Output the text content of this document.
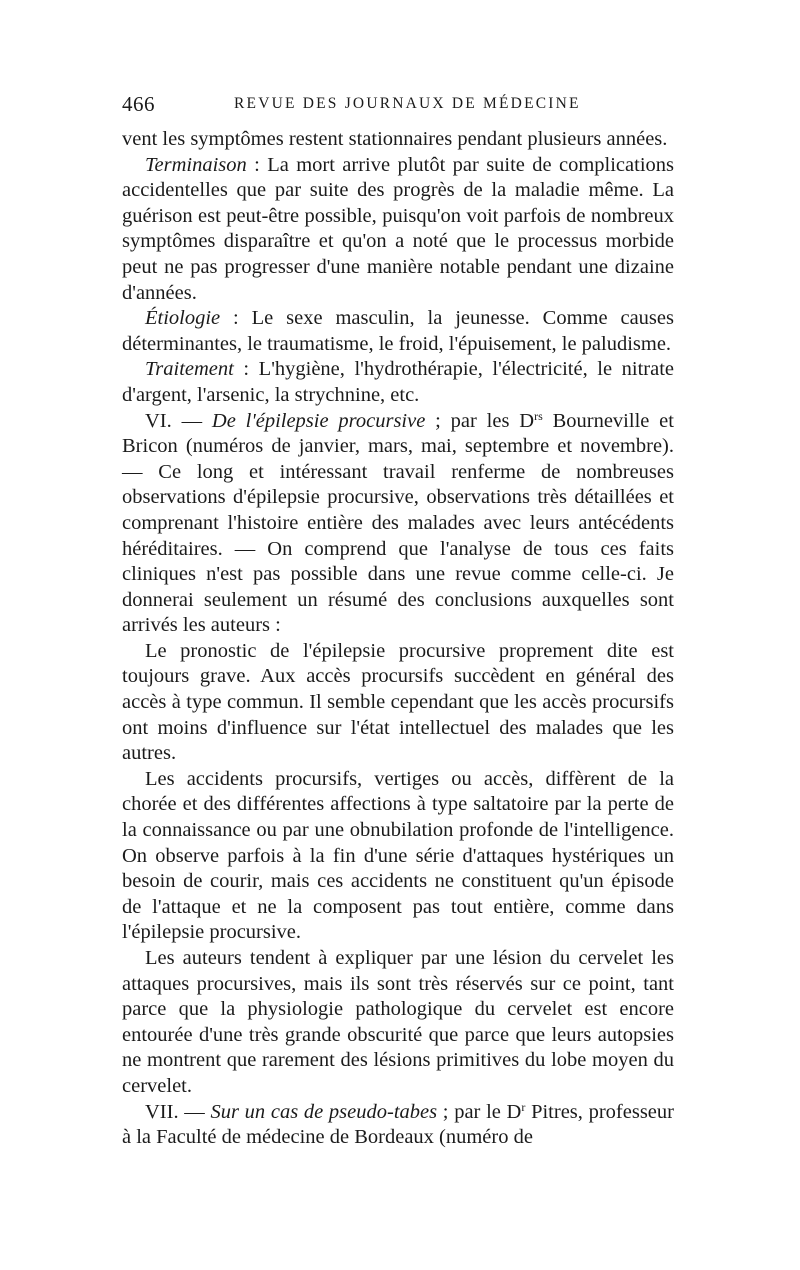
466	REVUE DES JOURNAUX DE MÉDECINE

vent les symptômes restent stationnaires pendant plusieurs années.

Terminaison : La mort arrive plutôt par suite de complications accidentelles que par suite des progrès de la maladie même. La guérison est peut-être possible, puisqu'on voit parfois de nombreux symptômes disparaître et qu'on a noté que le processus morbide peut ne pas progresser d'une manière notable pendant une dizaine d'années.

Étiologie : Le sexe masculin, la jeunesse. Comme causes déterminantes, le traumatisme, le froid, l'épuisement, le paludisme.

Traitement : L'hygiène, l'hydrothérapie, l'électricité, le nitrate d'argent, l'arsenic, la strychnine, etc.

VI. — De l'épilepsie procursive ; par les $D^{rs}$ Bourneville et Bricon (numéros de janvier, mars, mai, septembre et novembre). — Ce long et intéressant travail renferme de nombreuses observations d'épilepsie procursive, observations très détaillées et comprenant l'histoire entière des malades avec leurs antécédents héréditaires. — On comprend que l'analyse de tous ces faits cliniques n'est pas possible dans une revue comme celle-ci. Je donnerai seulement un résumé des conclusions auxquelles sont arrivés les auteurs :

Le pronostic de l'épilepsie procursive proprement dite est toujours grave. Aux accès procursifs succèdent en général des accès à type commun. Il semble cependant que les accès procursifs ont moins d'influence sur l'état intellectuel des malades que les autres.

Les accidents procursifs, vertiges ou accès, diffèrent de la chorée et des différentes affections à type saltatoire par la perte de la connaissance ou par une obnubilation profonde de l'intelligence. On observe parfois à la fin d'une série d'attaques hystériques un besoin de courir, mais ces accidents ne constituent qu'un épisode de l'attaque et ne la composent pas tout entière, comme dans l'épilepsie procursive.

Les auteurs tendent à expliquer par une lésion du cervelet les attaques procursives, mais ils sont très réservés sur ce point, tant parce que la physiologie pathologique du cervelet est encore entourée d'une très grande obscurité que parce que leurs autopsies ne montrent que rarement des lésions primitives du lobe moyen du cervelet.

VII. — Sur un cas de pseudo-tabes ; par le $D^r$ Pitres, professeur à la Faculté de médecine de Bordeaux (numéro de
